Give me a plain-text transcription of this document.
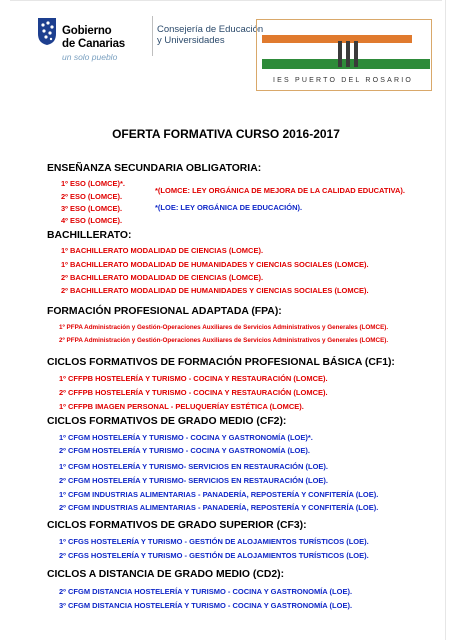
Gobierno
de Canarias
un solo pueblo
Consejería de Educación
y Universidades
IES PUERTO DEL ROSARIO
OFERTA FORMATIVA CURSO 2016-2017
ENSEÑANZA SECUNDARIA OBLIGATORIA:
1º ESO (LOMCE)*.
2º ESO (LOMCE).
3º ESO (LOMCE).
4º ESO (LOMCE).
*(LOMCE: LEY ORGÁNICA DE MEJORA DE LA CALIDAD EDUCATIVA).
*(LOE: LEY ORGÁNICA DE EDUCACIÓN).
BACHILLERATO:
1º BACHILLERATO MODALIDAD DE CIENCIAS (LOMCE).
1º BACHILLERATO MODALIDAD DE HUMANIDADES Y CIENCIAS SOCIALES (LOMCE).
2º BACHILLERATO MODALIDAD DE CIENCIAS (LOMCE).
2º BACHILLERATO MODALIDAD DE HUMANIDADES Y CIENCIAS SOCIALES (LOMCE).
FORMACIÓN PROFESIONAL ADAPTADA (FPA):
1º PFPA Administración y Gestión-Operaciones Auxiliares de Servicios Administrativos y Generales (LOMCE).
2º PFPA Administración y Gestión-Operaciones Auxiliares de Servicios Administrativos y Generales (LOMCE).
CICLOS FORMATIVOS DE FORMACIÓN PROFESIONAL BÁSICA (CF1):
1º CFFPB HOSTELERÍA Y TURISMO - COCINA Y RESTAURACIÓN (LOMCE).
2º CFFPB HOSTELERÍA Y TURISMO - COCINA Y RESTAURACIÓN (LOMCE).
1º CFFPB IMAGEN PERSONAL - PELUQUERÍAY ESTÉTICA (LOMCE).
CICLOS FORMATIVOS DE GRADO MEDIO (CF2):
1º CFGM HOSTELERÍA Y TURISMO - COCINA Y GASTRONOMÍA (LOE)*.
2º CFGM HOSTELERÍA Y TURISMO - COCINA Y GASTRONOMÍA (LOE).
1º CFGM HOSTELERÍA Y TURISMO- SERVICIOS EN RESTAURACIÓN (LOE).
2º CFGM HOSTELERÍA Y TURISMO- SERVICIOS EN RESTAURACIÓN (LOE).
1º CFGM INDUSTRIAS ALIMENTARIAS - PANADERÍA, REPOSTERÍA Y CONFITERÍA (LOE).
2º CFGM INDUSTRIAS ALIMENTARIAS - PANADERÍA, REPOSTERÍA Y CONFITERÍA (LOE).
CICLOS FORMATIVOS DE GRADO SUPERIOR (CF3):
1º CFGS HOSTELERÍA Y TURISMO - GESTIÓN DE ALOJAMIENTOS TURÍSTICOS (LOE).
2º CFGS HOSTELERÍA Y TURISMO - GESTIÓN DE ALOJAMIENTOS TURÍSTICOS (LOE).
CICLOS A DISTANCIA DE GRADO MEDIO (CD2):
2º CFGM DISTANCIA HOSTELERÍA Y TURISMO - COCINA Y GASTRONOMÍA (LOE).
3º CFGM DISTANCIA HOSTELERÍA Y TURISMO - COCINA Y GASTRONOMÍA (LOE).
